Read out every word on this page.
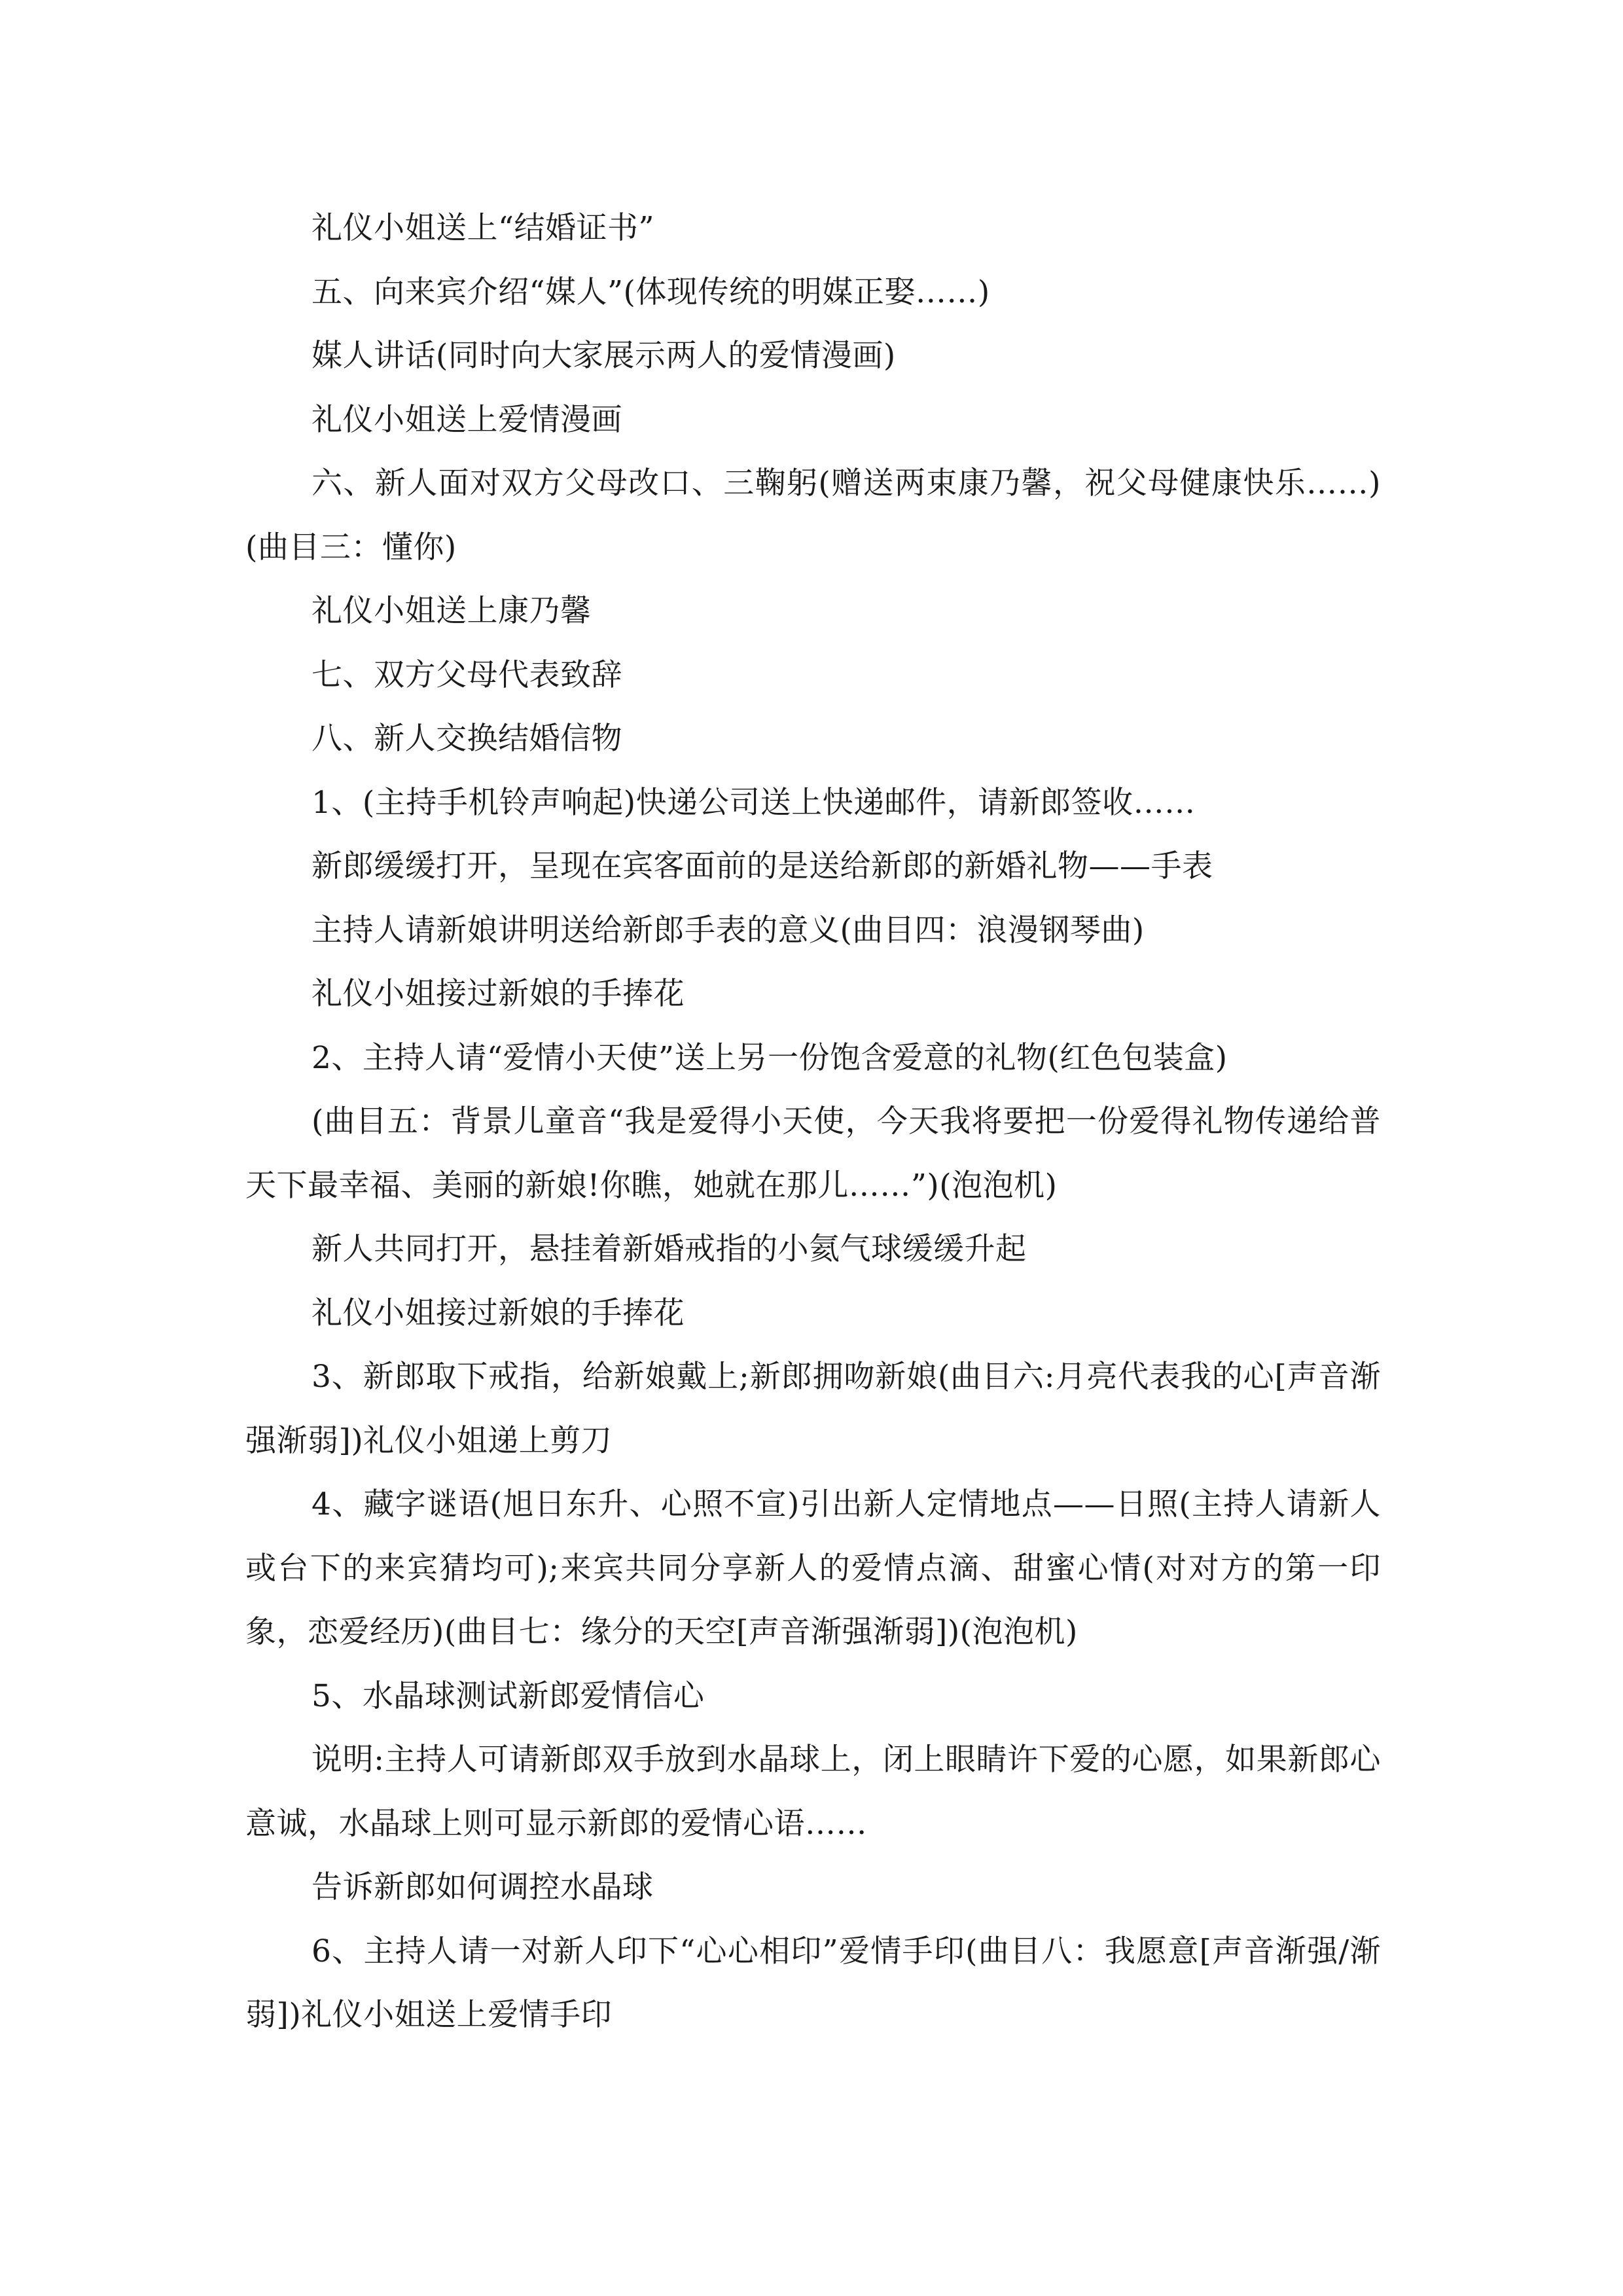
礼仪小姐送上“结婚证书”

五、向来宾介绍“媒人”(体现传统的明媒正娶……)

媒人讲话(同时向大家展示两人的爱情漫画)

礼仪小姐送上爱情漫画

六、新人面对双方父母改口、三鞠躬(赠送两束康乃馨，祝父母健康快乐……)(曲目三：懂你)

礼仪小姐送上康乃馨

七、双方父母代表致辞

八、新人交换结婚信物

1、(主持手机铃声响起)快递公司送上快递邮件，请新郎签收……

新郎缓缓打开，呈现在宾客面前的是送给新郎的新婚礼物——手表

主持人请新娘讲明送给新郎手表的意义(曲目四：浪漫钢琴曲)

礼仪小姐接过新娘的手捧花

2、主持人请“爱情小天使”送上另一份饱含爱意的礼物(红色包装盒)

(曲目五：背景儿童音“我是爱得小天使，今天我将要把一份爱得礼物传递给普天下最幸福、美丽的新娘!你瞧，她就在那儿……”)(泡泡机)

新人共同打开，悬挂着新婚戒指的小氦气球缓缓升起

礼仪小姐接过新娘的手捧花

3、新郎取下戒指，给新娘戴上;新郎拥吻新娘(曲目六:月亮代表我的心[声音渐强渐弱])礼仪小姐递上剪刀

4、藏字谜语(旭日东升、心照不宣)引出新人定情地点——日照(主持人请新人或台下的来宾猜均可);来宾共同分享新人的爱情点滴、甜蜜心情(对对方的第一印象，恋爱经历)(曲目七：缘分的天空[声音渐强渐弱])(泡泡机)

5、水晶球测试新郎爱情信心

说明:主持人可请新郎双手放到水晶球上，闭上眼睛许下爱的心愿，如果新郎心意诚，水晶球上则可显示新郎的爱情心语……

告诉新郎如何调控水晶球

6、主持人请一对新人印下“心心相印”爱情手印(曲目八：我愿意[声音渐强/渐弱])礼仪小姐送上爱情手印
